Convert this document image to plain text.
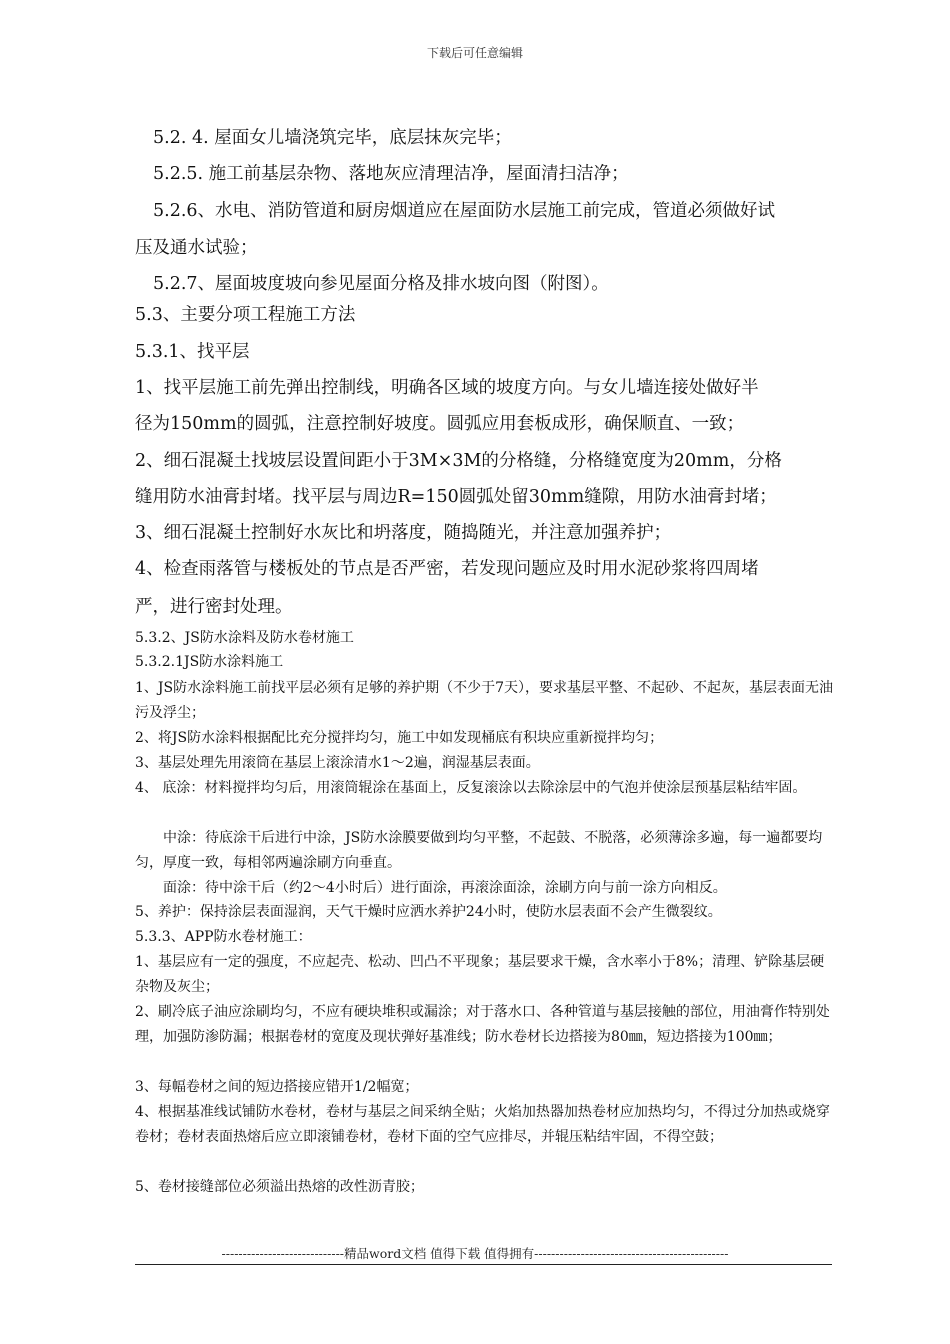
下载后可任意编辑

5.2. 4. 屋面女儿墙浇筑完毕，底层抹灰完毕；

5.2.5. 施工前基层杂物、落地灰应清理洁净，屋面清扫洁净；

5.2.6、水电、消防管道和厨房烟道应在屋面防水层施工前完成，管道必须做好试

压及通水试验；

5.2.7、屋面坡度坡向参见屋面分格及排水坡向图（附图）。

5.3、主要分项工程施工方法

5.3.1、找平层

1、找平层施工前先弹出控制线，明确各区域的坡度方向。与女儿墙连接处做好半

径为150mm的圆弧，注意控制好坡度。圆弧应用套板成形，确保顺直、一致；

2、细石混凝土找坡层设置间距小于3M×3M的分格缝，分格缝宽度为20mm，分格

缝用防水油膏封堵。找平层与周边R=150圆弧处留30mm缝隙，用防水油膏封堵；

3、细石混凝土控制好水灰比和坍落度，随捣随光，并注意加强养护；

4、检查雨落管与楼板处的节点是否严密，若发现问题应及时用水泥砂浆将四周堵

严，进行密封处理。

5.3.2、JS防水涂料及防水卷材施工

5.3.2.1JS防水涂料施工

1、JS防水涂料施工前找平层必须有足够的养护期（不少于7天），要求基层平整、不起砂、不起灰，基层表面无油污及浮尘；

2、将JS防水涂料根据配比充分搅拌均匀，施工中如发现桶底有积块应重新搅拌均匀；

3、基层处理先用滚筒在基层上滚涂清水1～2遍，润湿基层表面。

4、 底涂：材料搅拌均匀后，用滚筒辊涂在基面上，反复滚涂以去除涂层中的气泡并使涂层预基层粘结牢固。

中涂：待底涂干后进行中涂，JS防水涂膜要做到均匀平整，不起鼓、不脱落，必须薄涂多遍，每一遍都要均匀，厚度一致，每相邻两遍涂刷方向垂直。

面涂：待中涂干后（约2～4小时后）进行面涂，再滚涂面涂，涂刷方向与前一涂方向相反。

5、养护：保持涂层表面湿润，天气干燥时应洒水养护24小时，使防水层表面不会产生微裂纹。

5.3.3、APP防水卷材施工：

1、基层应有一定的强度，不应起壳、松动、凹凸不平现象；基层要求干燥，含水率小于8%；清理、铲除基层硬杂物及灰尘；

2、刷冷底子油应涂刷均匀，不应有硬块堆积或漏涂；对于落水口、各种管道与基层接触的部位，用油膏作特别处理，加强防渗防漏；根据卷材的宽度及现状弹好基准线；防水卷材长边搭接为80㎜，短边搭接为100㎜；

3、每幅卷材之间的短边搭接应错开1/2幅宽；

4、根据基准线试铺防水卷材，卷材与基层之间采纳全贴；火焰加热器加热卷材应加热均匀，不得过分加热或烧穿卷材；卷材表面热熔后应立即滚铺卷材，卷材下面的空气应排尽，并辊压粘结牢固，不得空鼓；

5、卷材接缝部位必须溢出热熔的改性沥青胶；

-----------------------------精品word文档 值得下载 值得拥有----------------------------------------------
